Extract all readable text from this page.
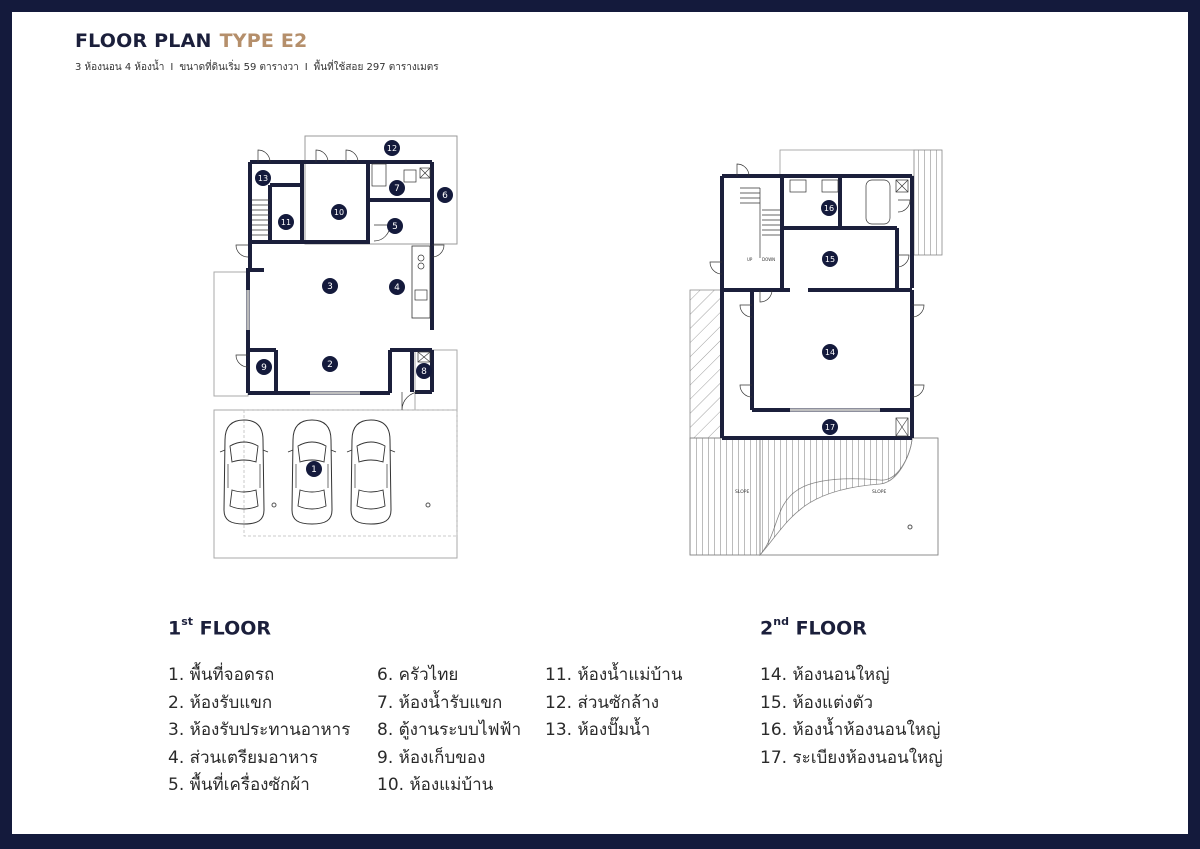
FLOOR PLAN TYPE E2
3 ห้องนอน 4 ห้องน้ำ I ขนาดที่ดินเริ่ม 59 ตารางวา I พื้นที่ใช้สอย 297 ตารางเมตร
1
2
3	4
5
6
7
8
9
10
11
12
13
SLOPE	SLOPE
UP DOWN
14
15
16
17
1st FLOOR	2nd FLOOR
1. พื้นที่จอดรถ
2. ห้องรับแขก
3. ห้องรับประทานอาหาร
4. ส่วนเตรียมอาหาร
5. พื้นที่เครื่องซักผ้า
6. ครัวไทย
7. ห้องน้ำรับแขก
8. ตู้งานระบบไฟฟ้า
9. ห้องเก็บของ
10. ห้องแม่บ้าน
11. ห้องน้ำแม่บ้าน
12. ส่วนซักล้าง
13. ห้องปั๊มน้ำ
14. ห้องนอนใหญ่
15. ห้องแต่งตัว
16. ห้องน้ำห้องนอนใหญ่
17. ระเบียงห้องนอนใหญ่
